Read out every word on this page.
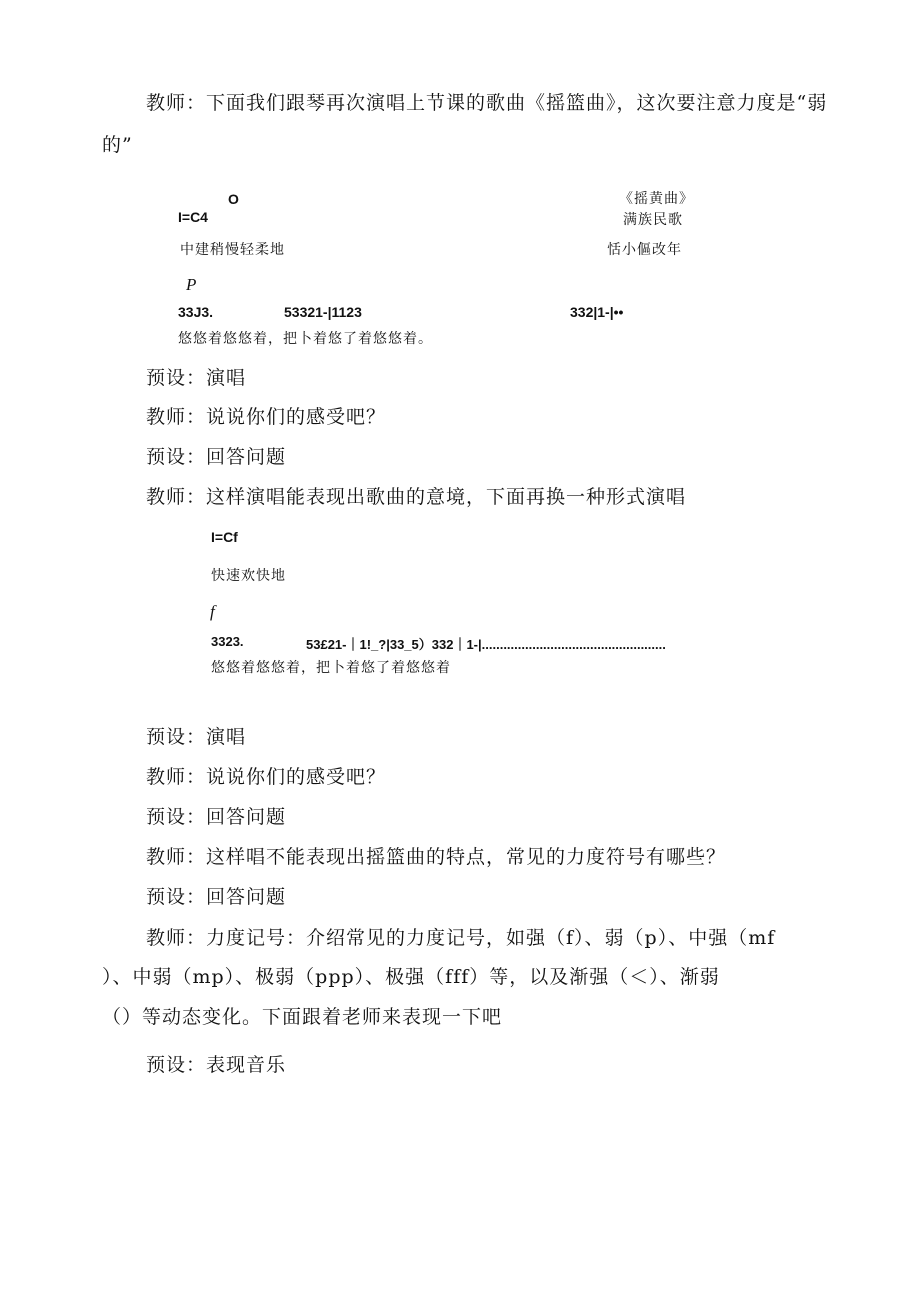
教师：下面我们跟琴再次演唱上节课的歌曲《摇篮曲》，这次要注意力度是“弱
的”
O
I=C4
《摇黄曲》
满族民歌
中建稍慢轻柔地	恬小傴改年
P
33J3.	53321-|1123	332|1-|••
悠悠着悠悠着，把卜着悠了着悠悠着。
预设：演唱
教师：说说你们的感受吧？
预设：回答问题
教师：这样演唱能表现出歌曲的意境，下面再换一种形式演唱
I=Cf
快速欢快地
f
3323.	53£21-｜1!_?|33_5）332｜1-|...................................................
悠悠着悠悠着，把卜着悠了着悠悠着
预设：演唱
教师：说说你们的感受吧？
预设：回答问题
教师：这样唱不能表现出摇篮曲的特点，常见的力度符号有哪些？
预设：回答问题
教师：力度记号：介绍常见的力度记号，如强（f）、弱（p）、中强（mf
）、中弱（mp）、极弱（ppp）、极强（fff）等，以及渐强（＜）、渐弱
（）等动态变化。下面跟着老师来表现一下吧
预设：表现音乐
